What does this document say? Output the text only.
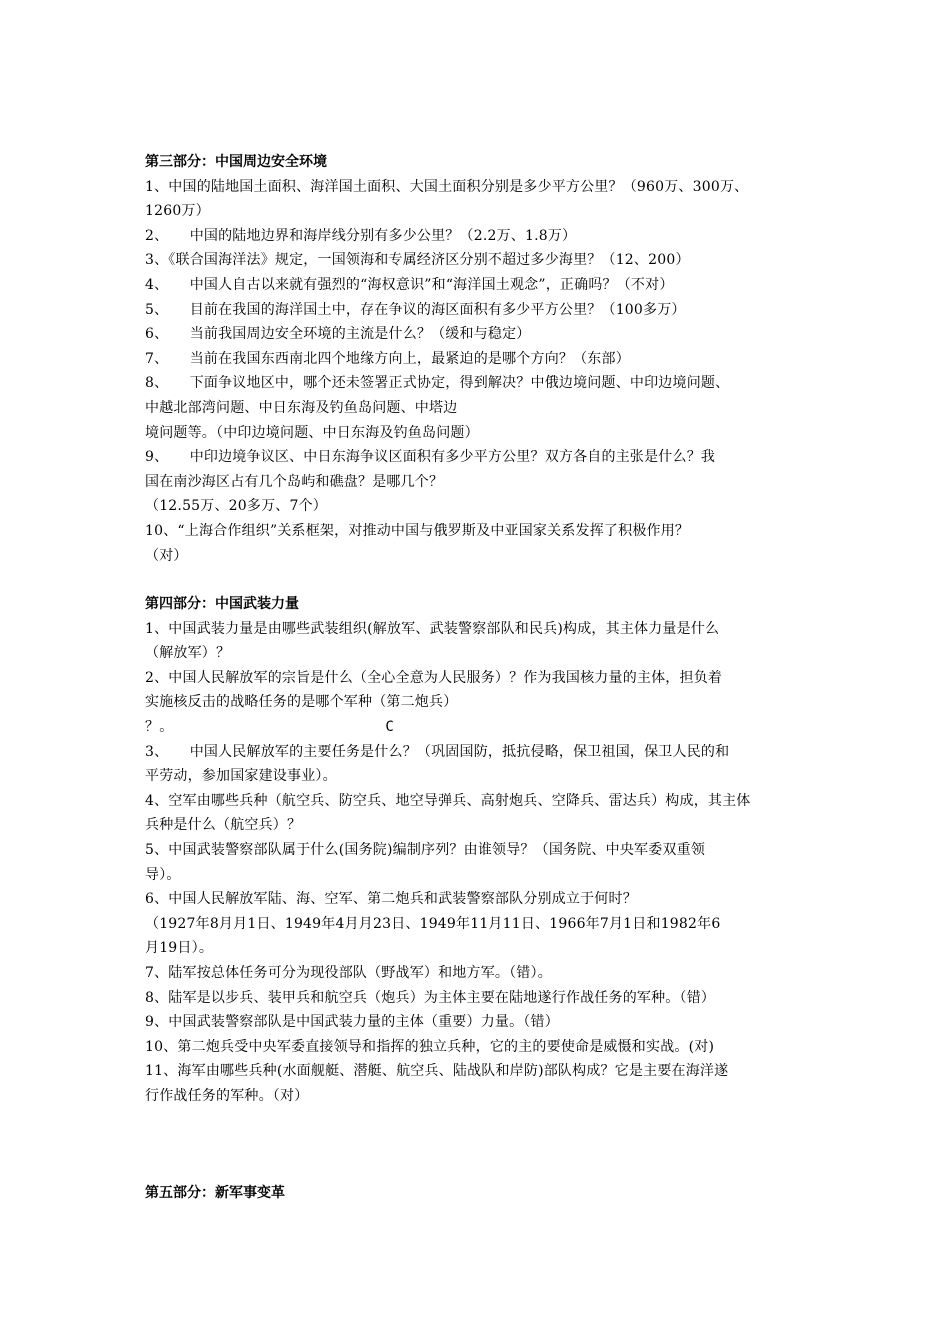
第三部分：中国周边安全环境
1、中国的陆地国土面积、海洋国土面积、大国土面积分别是多少平方公里？（960万、300万、
1260万）
2、　　中国的陆地边界和海岸线分别有多少公里？（2.2万、1.8万）
3、《联合国海洋法》规定，一国领海和专属经济区分别不超过多少海里？（12、200）
4、　　中国人自古以来就有强烈的“海权意识”和“海洋国土观念”，正确吗？（不对）
5、　　目前在我国的海洋国土中，存在争议的海区面积有多少平方公里？（100多万）
6、　　当前我国周边安全环境的主流是什么？（缓和与稳定）
7、　　当前在我国东西南北四个地缘方向上，最紧迫的是哪个方向？（东部）
8、　　下面争议地区中，哪个还未签署正式协定，得到解决？中俄边境问题、中印边境问题、
中越北部湾问题、中日东海及钓鱼岛问题、中塔边
境问题等。（中印边境问题、中日东海及钓鱼岛问题）
9、　　中印边境争议区、中日东海争议区面积有多少平方公里？双方各自的主张是什么？我
国在南沙海区占有几个岛屿和礁盘？是哪几个？
（12.55万、20多万、7个）
10、“上海合作组织”关系框架，对推动中国与俄罗斯及中亚国家关系发挥了积极作用？
（对）
第四部分：中国武装力量
1、中国武装力量是由哪些武装组织(解放军、武装警察部队和民兵)构成，其主体力量是什么
（解放军）？
2、中国人民解放军的宗旨是什么（全心全意为人民服务）？作为我国核力量的主体，担负着
实施核反击的战略任务的是哪个军种（第二炮兵）
？。	C
3、　　中国人民解放军的主要任务是什么？（巩固国防，抵抗侵略，保卫祖国，保卫人民的和
平劳动，参加国家建设事业）。
4、空军由哪些兵种（航空兵、防空兵、地空导弹兵、高射炮兵、空降兵、雷达兵）构成，其主体
兵种是什么（航空兵）？
5、中国武装警察部队属于什么(国务院)编制序列？由谁领导？（国务院、中央军委双重领
导）。
6、中国人民解放军陆、海、空军、第二炮兵和武装警察部队分别成立于何时？
（1927年8月月1日、1949年4月月23日、1949年11月11日、1966年7月1日和1982年6
月19日）。
7、陆军按总体任务可分为现役部队（野战军）和地方军。（错）。
8、陆军是以步兵、装甲兵和航空兵（炮兵）为主体主要在陆地遂行作战任务的军种。（错）
9、中国武装警察部队是中国武装力量的主体（重要）力量。（错）
10、第二炮兵受中央军委直接领导和指挥的独立兵种，它的主的要使命是威慑和实战。(对)
11、海军由哪些兵种(水面舰艇、潜艇、航空兵、陆战队和岸防)部队构成？它是主要在海洋遂
行作战任务的军种。（对）
第五部分：新军事变革
